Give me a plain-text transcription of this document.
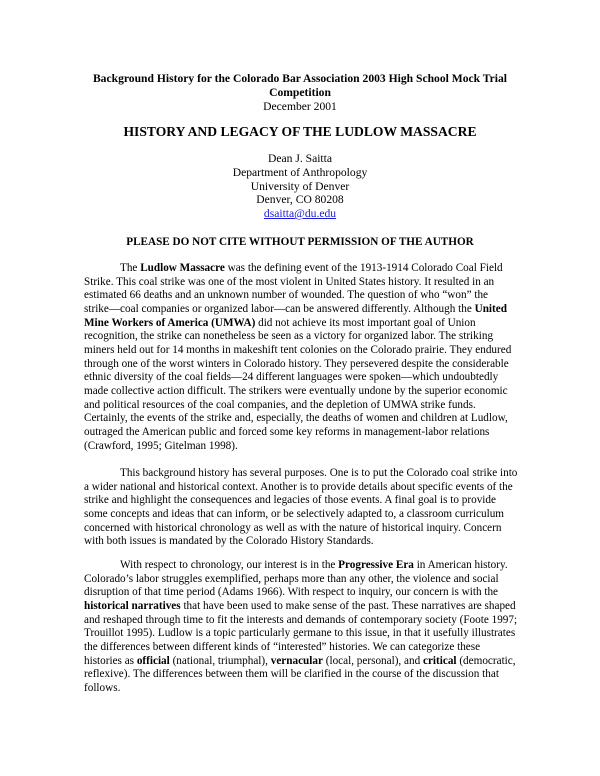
Background History for the Colorado Bar Association 2003 High School Mock Trial
Competition
December 2001
HISTORY AND LEGACY OF THE LUDLOW MASSACRE
Dean J. Saitta
Department of Anthropology
University of Denver
Denver, CO 80208
dsaitta@du.edu
PLEASE DO NOT CITE WITHOUT PERMISSION OF THE AUTHOR
The Ludlow Massacre was the defining event of the 1913-1914 Colorado Coal Field
Strike. This coal strike was one of the most violent in United States history. It resulted in an
estimated 66 deaths and an unknown number of wounded. The question of who “won” the
strike—coal companies or organized labor—can be answered differently. Although the United
Mine Workers of America (UMWA) did not achieve its most important goal of Union
recognition, the strike can nonetheless be seen as a victory for organized labor. The striking
miners held out for 14 months in makeshift tent colonies on the Colorado prairie. They endured
through one of the worst winters in Colorado history. They persevered despite the considerable
ethnic diversity of the coal fields—24 different languages were spoken—which undoubtedly
made collective action difficult. The strikers were eventually undone by the superior economic
and political resources of the coal companies, and the depletion of UMWA strike funds.
Certainly, the events of the strike and, especially, the deaths of women and children at Ludlow,
outraged the American public and forced some key reforms in management-labor relations
(Crawford, 1995; Gitelman 1998).
This background history has several purposes. One is to put the Colorado coal strike into
a wider national and historical context. Another is to provide details about specific events of the
strike and highlight the consequences and legacies of those events. A final goal is to provide
some concepts and ideas that can inform, or be selectively adapted to, a classroom curriculum
concerned with historical chronology as well as with the nature of historical inquiry. Concern
with both issues is mandated by the Colorado History Standards.
With respect to chronology, our interest is in the Progressive Era in American history.
Colorado’s labor struggles exemplified, perhaps more than any other, the violence and social
disruption of that time period (Adams 1966). With respect to inquiry, our concern is with the
historical narratives that have been used to make sense of the past. These narratives are shaped
and reshaped through time to fit the interests and demands of contemporary society (Foote 1997;
Trouillot 1995). Ludlow is a topic particularly germane to this issue, in that it usefully illustrates
the differences between different kinds of “interested” histories. We can categorize these
histories as official (national, triumphal), vernacular (local, personal), and critical (democratic,
reflexive). The differences between them will be clarified in the course of the discussion that
follows.
